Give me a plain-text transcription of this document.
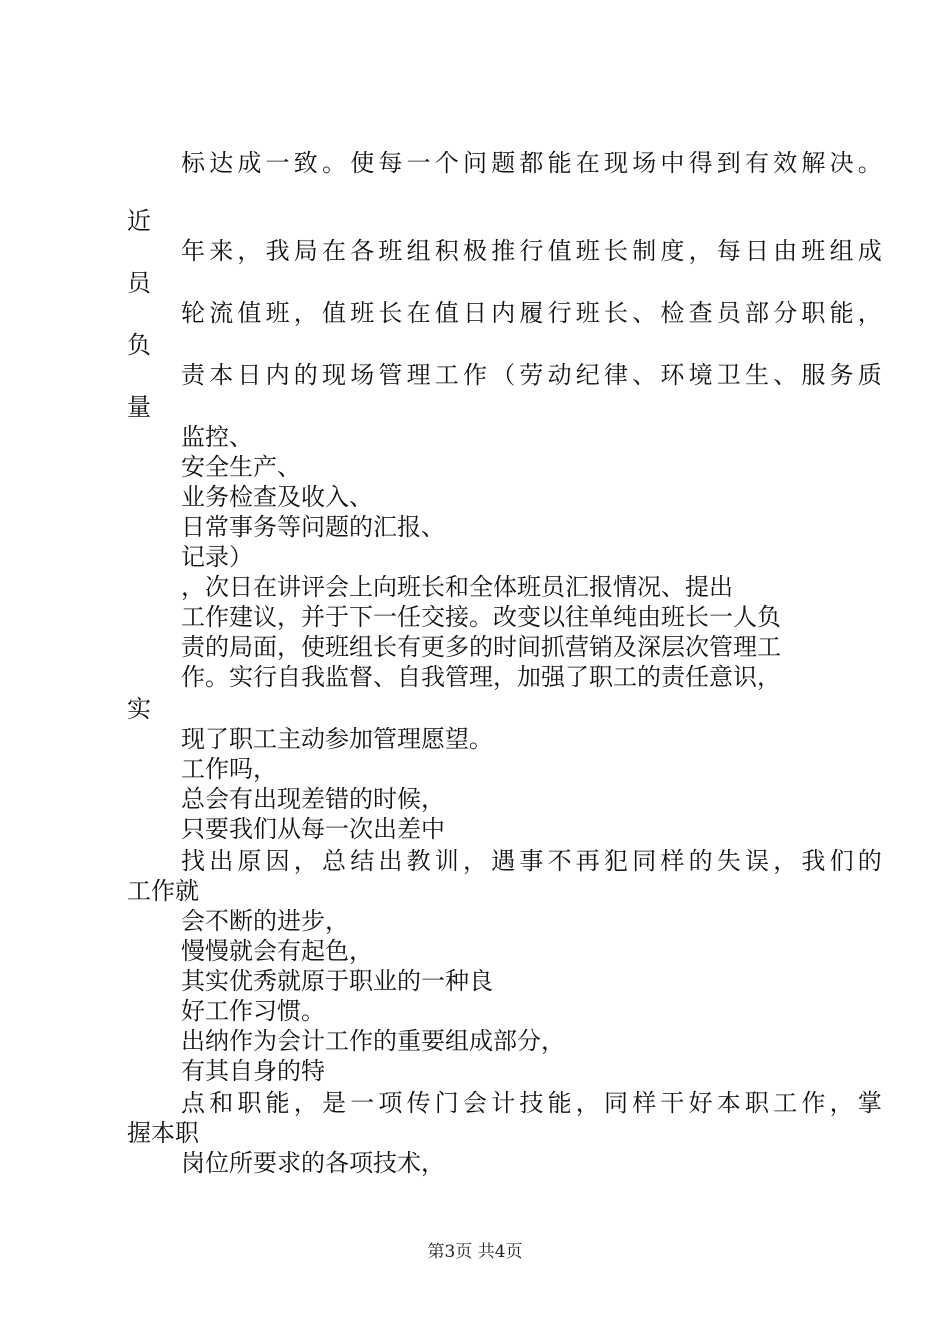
标达成一致。使每一个问题都能在现场中得到有效解决。
近
年来，我局在各班组积极推行值班长制度，每日由班组成
员
轮流值班，值班长在值日内履行班长、检查员部分职能，
负
责本日内的现场管理工作（劳动纪律、环境卫生、服务质
量
监控、
安全生产、
业务检查及收入、
日常事务等问题的汇报、
记录）
，次日在讲评会上向班长和全体班员汇报情况、提出
工作建议，并于下一任交接。改变以往单纯由班长一人负
责的局面，使班组长有更多的时间抓营销及深层次管理工
作。实行自我监督、自我管理，加强了职工的责任意识，
实
现了职工主动参加管理愿望。
工作吗，
总会有出现差错的时候，
只要我们从每一次出差中
找出原因，总结出教训，遇事不再犯同样的失误，我们的
工作就
会不断的进步，
慢慢就会有起色，
其实优秀就原于职业的一种良
好工作习惯。
出纳作为会计工作的重要组成部分，
有其自身的特
点和职能，是一项传门会计技能，同样干好本职工作，掌
握本职
岗位所要求的各项技术，
第3页 共4页
